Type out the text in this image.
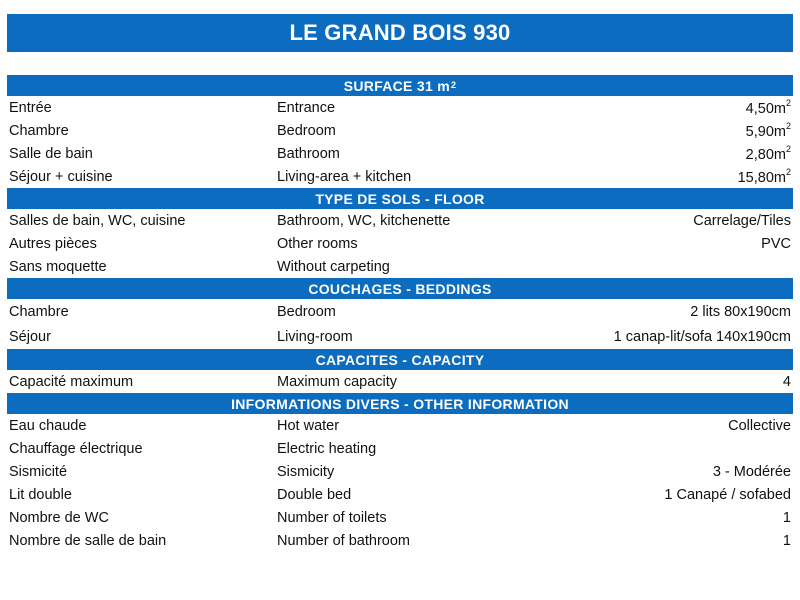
LE GRAND BOIS 930
SURFACE 31 m 2
Entrée	Entrance	$4,50m^2$
Chambre	Bedroom	$5,90m^2$
Salle de bain	Bathroom	$2,80m^2$
Séjour + cuisine	Living-area + kitchen	$15,80m^2$
TYPE DE SOLS - FLOOR
Salles de bain, WC, cuisine	Bathroom, WC, kitchenette	Carrelage/Tiles
Autres pièces	Other rooms	PVC
Sans moquette	Without carpeting
COUCHAGES - BEDDINGS
Chambre	Bedroom	2 lits 80x190cm
Séjour	Living-room	1 canap-lit/sofa 140x190cm
CAPACITES - CAPACITY
Capacité maximum	Maximum capacity	4
INFORMATIONS DIVERS - OTHER INFORMATION
Eau chaude	Hot water	Collective
Chauffage électrique	Electric heating
Sismicité	Sismicity	3 - Modérée
Lit double	Double bed	1 Canapé / sofabed
Nombre de WC	Number of toilets	1
Nombre de salle de bain	Number of bathroom	1
